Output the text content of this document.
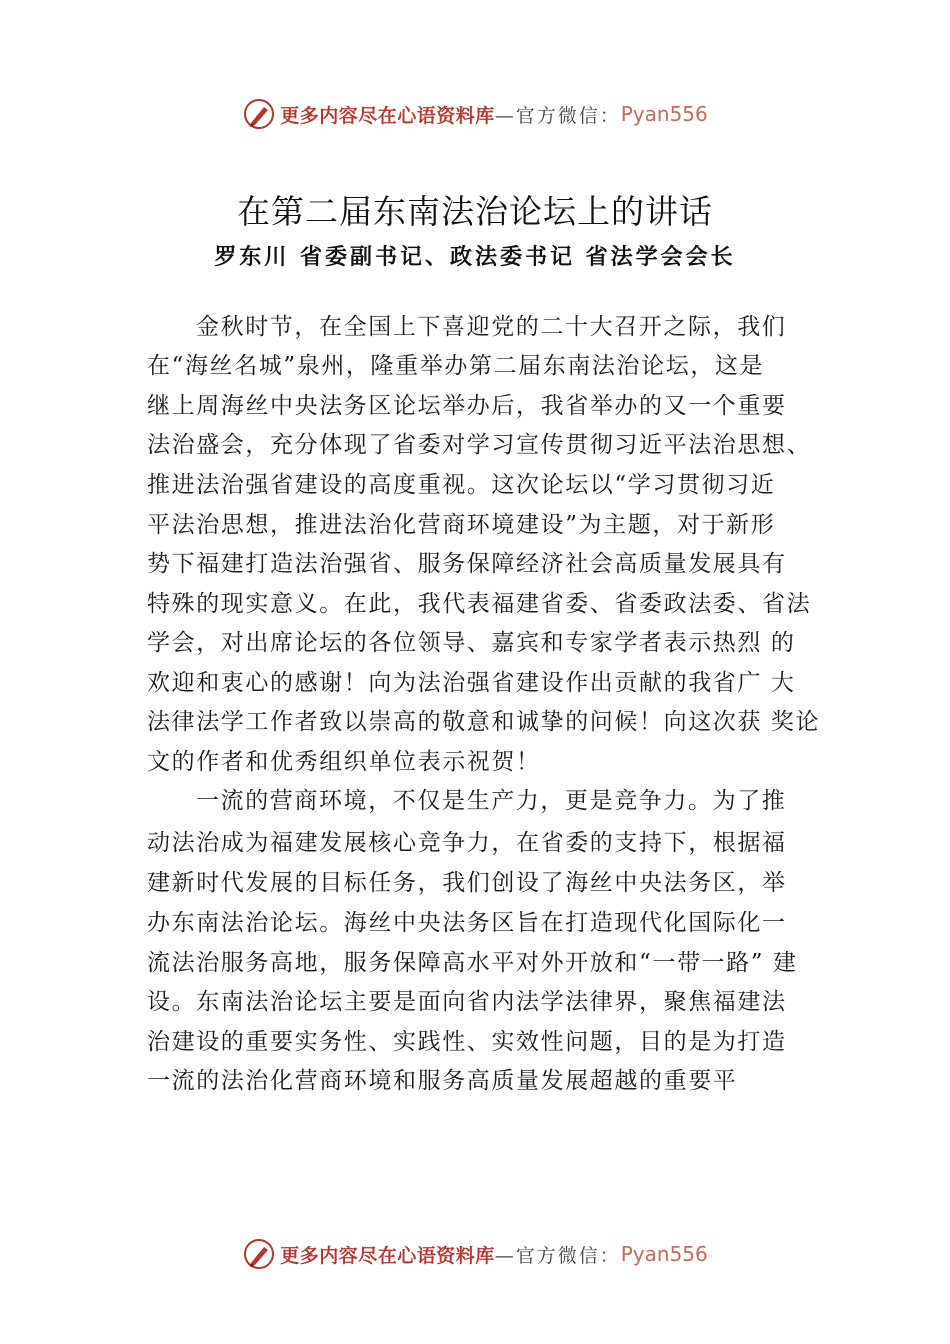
更多内容尽在心语资料库 —官方微信： Pyan556
在第二届东南法治论坛上的讲话
罗东川 省委副书记、政法委书记 省法学会会长
金秋时节，在全国上下喜迎党的二十大召开之际，我们
在“海丝名城”泉州，隆重举办第二届东南法治论坛，这是
继上周海丝中央法务区论坛举办后，我省举办的又一个重要
法治盛会，充分体现了省委对学习宣传贯彻习近平法治思想、
推进法治强省建设的高度重视。这次论坛以“学习贯彻习近
平法治思想，推进法治化营商环境建设”为主题，对于新形
势下福建打造法治强省、服务保障经济社会高质量发展具有
特殊的现实意义。在此，我代表福建省委、省委政法委、省法
学会，对出席论坛的各位领导、嘉宾和专家学者表示热烈 的
欢迎和衷心的感谢！向为法治强省建设作出贡献的我省广 大
法律法学工作者致以崇高的敬意和诚挚的问候！向这次获 奖论
文的作者和优秀组织单位表示祝贺！
一流的营商环境，不仅是生产力，更是竞争力。为了推
动法治成为福建发展核心竞争力，在省委的支持下，根据福
建新时代发展的目标任务，我们创设了海丝中央法务区，举
办东南法治论坛。海丝中央法务区旨在打造现代化国际化一
流法治服务高地，服务保障高水平对外开放和“一带一路” 建
设。东南法治论坛主要是面向省内法学法律界，聚焦福建法
治建设的重要实务性、实践性、实效性问题，目的是为打造
一流的法治化营商环境和服务高质量发展超越的重要平
更多内容尽在心语资料库 —官方微信： Pyan556
